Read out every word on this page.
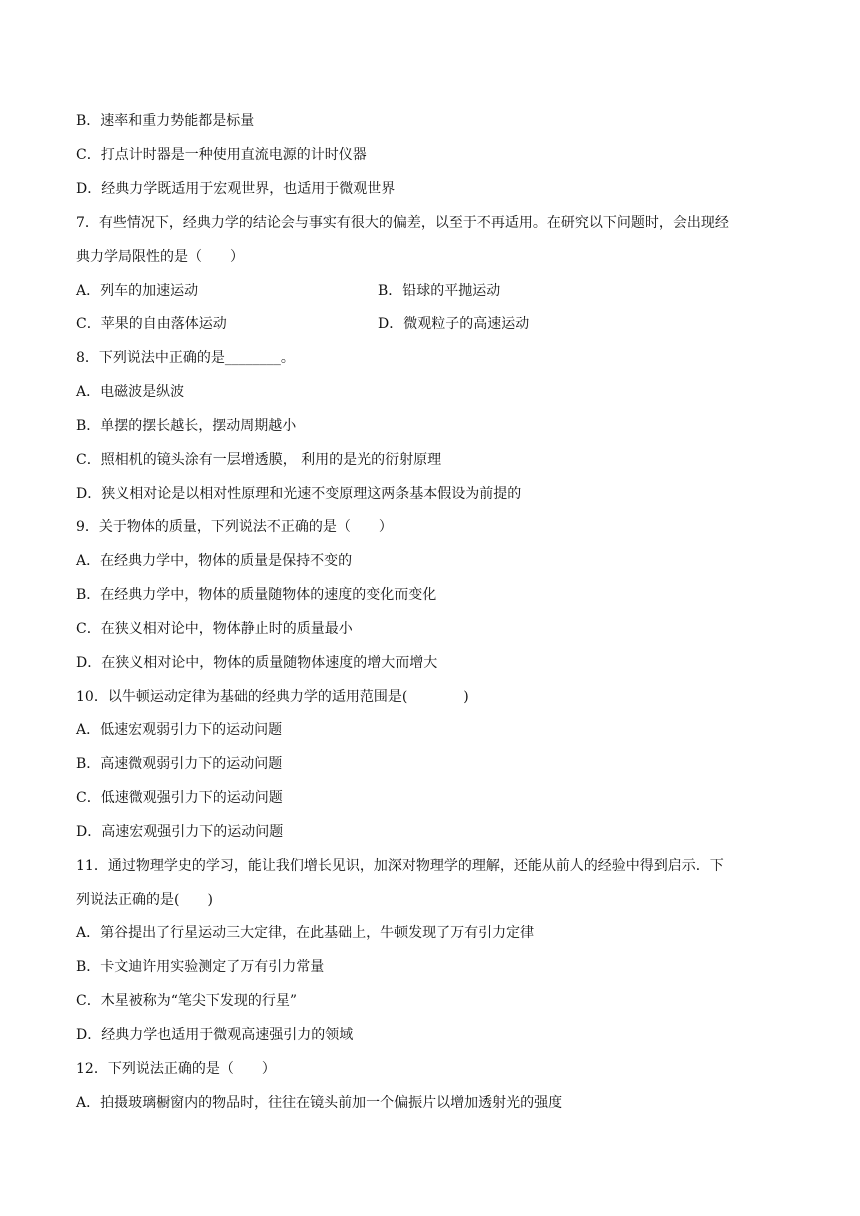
B．速率和重力势能都是标量
C．打点计时器是一种使用直流电源的计时仪器
D．经典力学既适用于宏观世界，也适用于微观世界
7．有些情况下，经典力学的结论会与事实有很大的偏差，以至于不再适用。在研究以下问题时，会出现经
典力学局限性的是（　　）
A．列车的加速运动	B．铅球的平抛运动
C．苹果的自由落体运动	D．微观粒子的高速运动
8．下列说法中正确的是________。
A．电磁波是纵波
B．单摆的摆长越长，摆动周期越小
C．照相机的镜头涂有一层增透膜， 利用的是光的衍射原理
D．狭义相对论是以相对性原理和光速不变原理这两条基本假设为前提的
9．关于物体的质量，下列说法不正确的是（　　）
A．在经典力学中，物体的质量是保持不变的
B．在经典力学中，物体的质量随物体的速度的变化而变化
C．在狭义相对论中，物体静止时的质量最小
D．在狭义相对论中，物体的质量随物体速度的增大而增大
10．以牛顿运动定律为基础的经典力学的适用范围是(　　　　)
A．低速宏观弱引力下的运动问题
B．高速微观弱引力下的运动问题
C．低速微观强引力下的运动问题
D．高速宏观强引力下的运动问题
11．通过物理学史的学习，能让我们增长见识，加深对物理学的理解，还能从前人的经验中得到启示．下
列说法正确的是(　　)
A．第谷提出了行星运动三大定律，在此基础上，牛顿发现了万有引力定律
B．卡文迪许用实验测定了万有引力常量
C．木星被称为“笔尖下发现的行星”
D．经典力学也适用于微观高速强引力的领域
12．下列说法正确的是（　　）
A．拍摄玻璃橱窗内的物品时，往往在镜头前加一个偏振片以增加透射光的强度
